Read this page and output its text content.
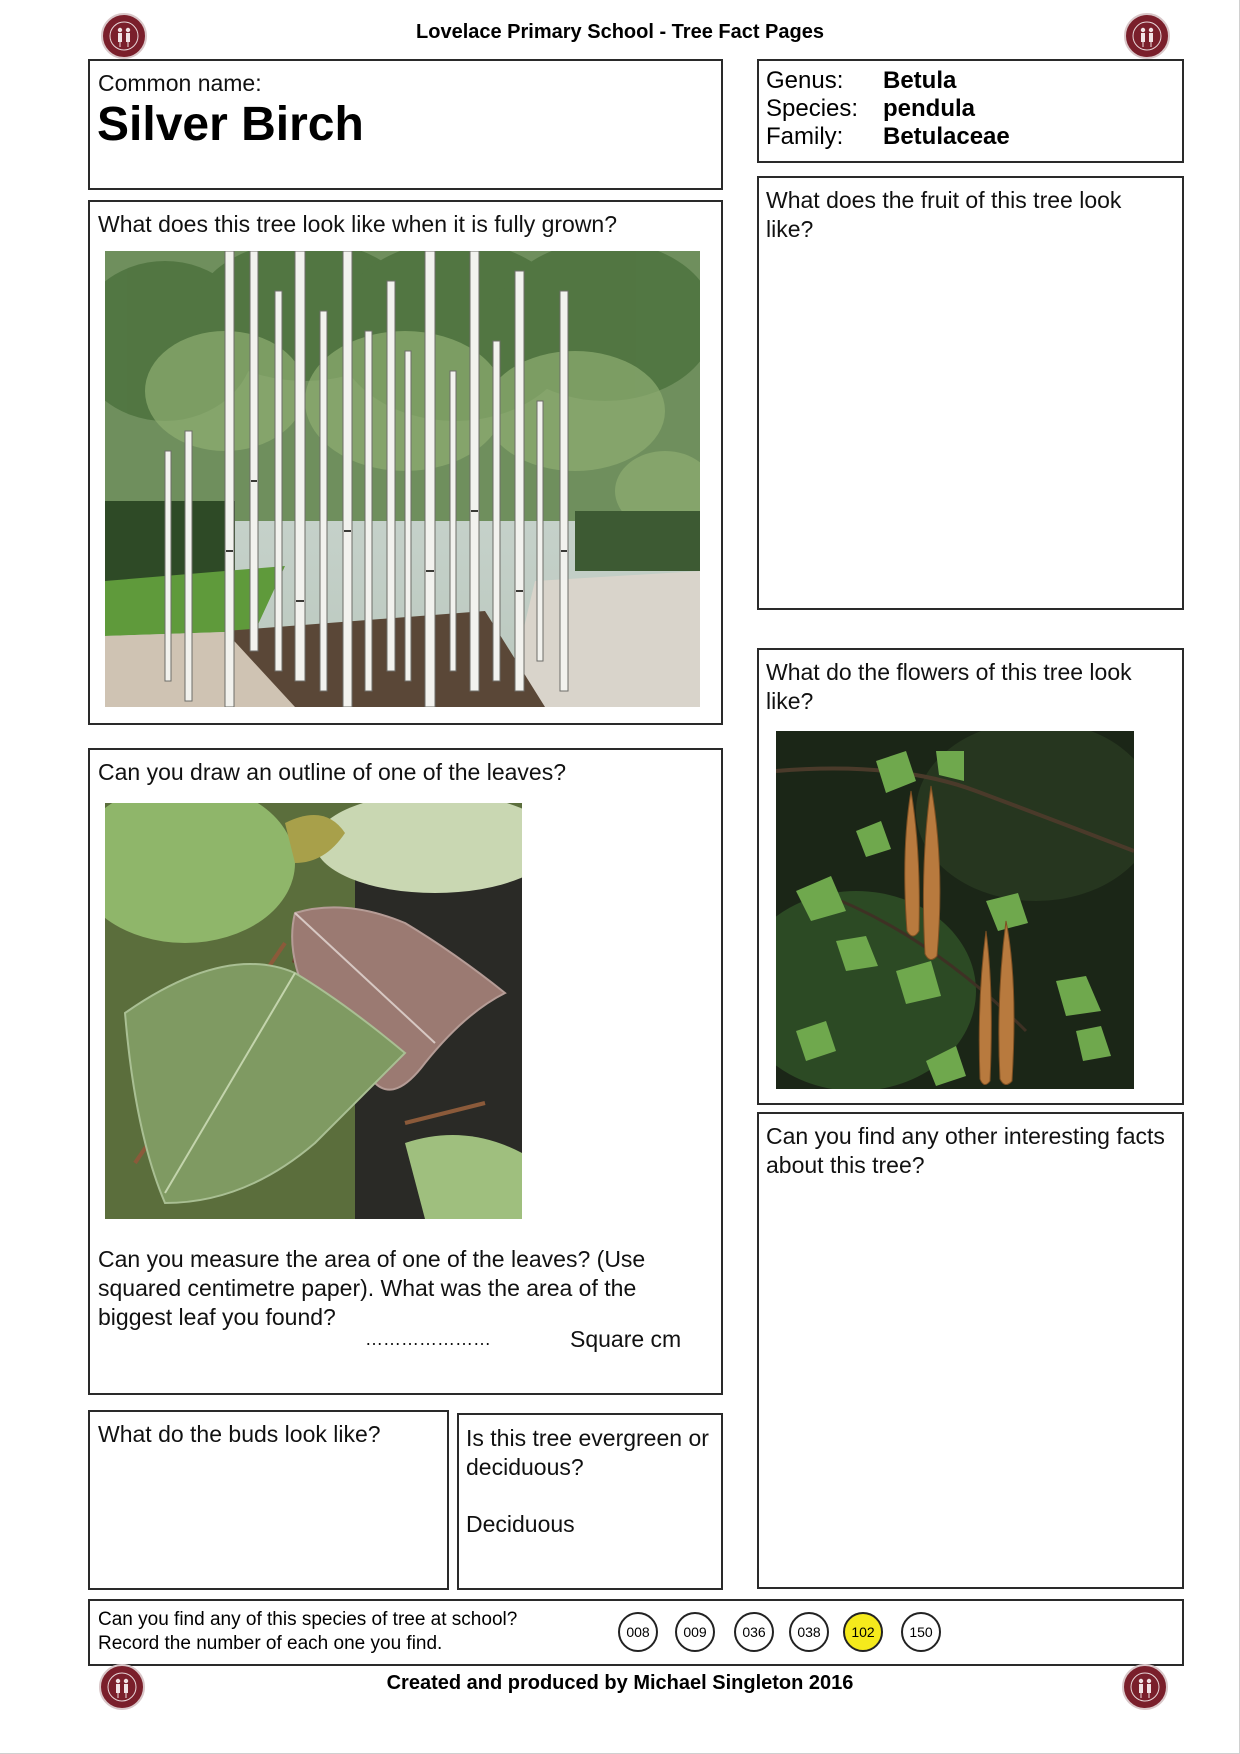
Lovelace Primary School - Tree Fact Pages
Common name:
Silver Birch
Genus: Betula
Species: pendula
Family: Betulaceae
What does this tree look like when it is fully grown?
What does the fruit of this tree look like?
What do the flowers of this tree look like?
Can you draw an outline of one of the leaves?
Can you measure the area of one of the leaves? (Use squared centimetre paper). What was the area of the biggest leaf you found?
…………………	Square cm
Can you find any other interesting facts about this tree?
What do the buds look like?	Is this tree evergreen or deciduous?
Deciduous
Can you find any of this species of tree at school?
Record the number of each one you find.
008	009	036	038	102	150
Created and produced by Michael Singleton 2016
